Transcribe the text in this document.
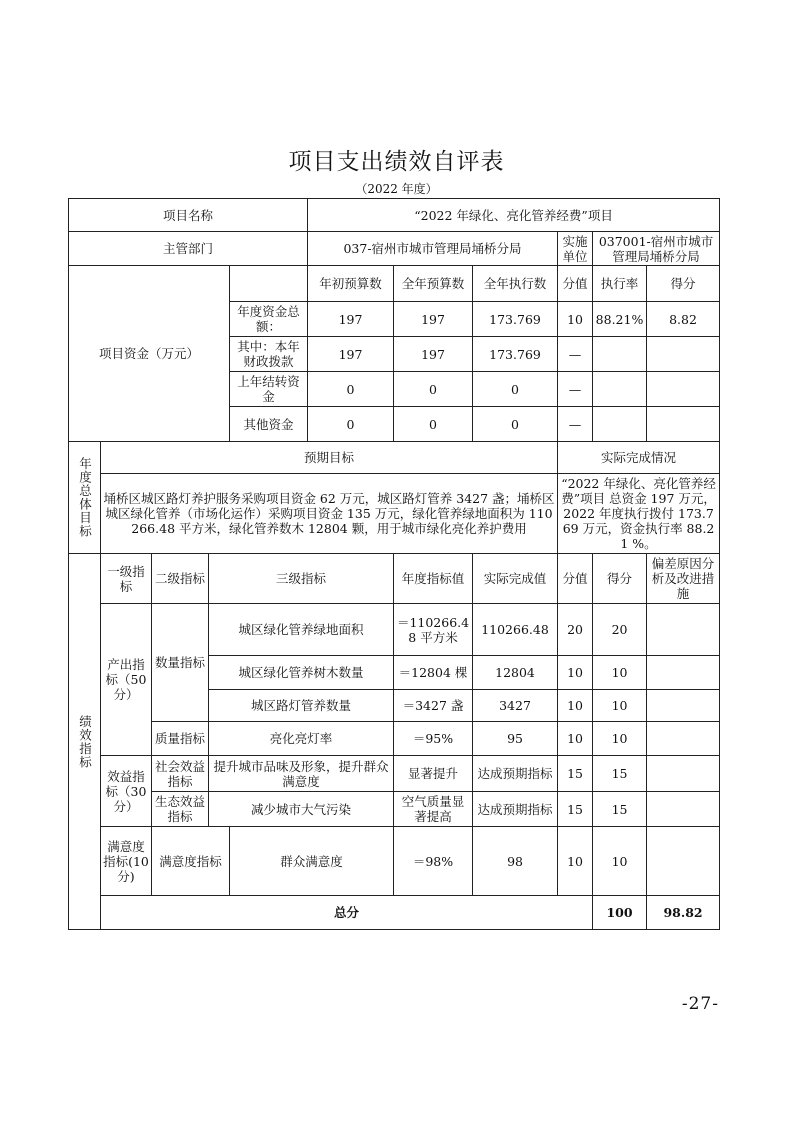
项目支出绩效自评表
（2022 年度）
项目名称					“2022 年绿化、亮化管养经费”项目						
主管部门					037-宿州市城市管理局埇桥分局			实施单位	037001-宿州市城市管理局埇桥分局		
项目资金（万元）					年初预算数	全年预算数	全年执行数	分值	执行率	得分	
				年度资金总额：	197	197	173.769	10	88.21%	8.82	
				其中：本年财政拨款	197	197	173.769	—			
				上年结转资金	0	0	0	—			
				其他资金	0	0	0	—			

年度总体目标	预期目标							实际完成情况			
	埇桥区城区路灯养护服务采购项目资金 62 万元，城区路灯管养 3427 盏；埇桥区城区绿化管养（市场化运作）采购项目资金 135 万元，绿化管养绿地面积为 110266.48 平方米，绿化管养数木 12804 颗，用于城市绿化亮化养护费用							“2022 年绿化、亮化管养经费”项目 总资金 197 万元，2022 年度执行拨付 173.769 万元，资金执行率 88.21 %。			

绩效指标	一级指标	二级指标	三级指标			年度指标值	实际完成值	分值	得分	偏差原因分析及改进措施	
	产出指标（50分）	数量指标	城区绿化管养绿地面积			＝110266.48 平方米	110266.48	20	20		
			城区绿化管养树木数量			＝12804 棵	12804	10	10		
			城区路灯管养数量			＝3427 盏	3427	10	10		
		质量指标	亮化亮灯率			＝95%	95	10	10		
	效益指标（30分）	社会效益指标	提升城市品味及形象，提升群众满意度			显著提升	达成预期指标	15	15		
		生态效益指标	减少城市大气污染			空气质量显著提高	达成预期指标	15	15		
	满意度指标(10分)	满意度指标		群众满意度		＝98%	98	10	10		
	总分								100	98.82	
-27-
